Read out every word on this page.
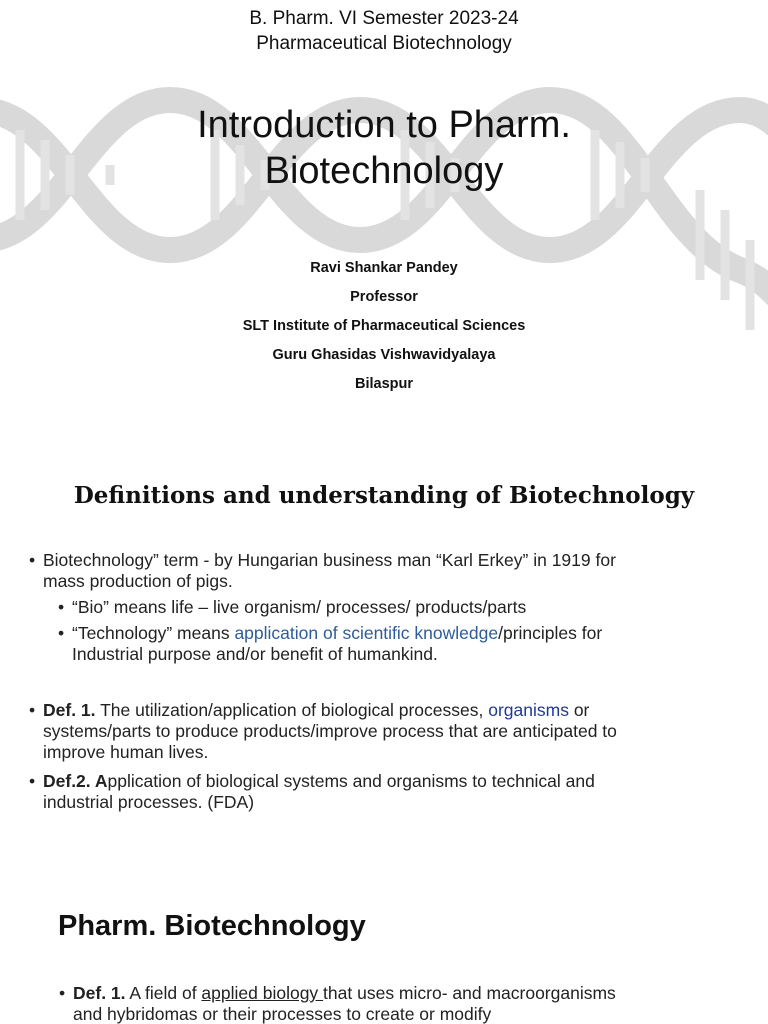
B. Pharm. VI Semester 2023-24
Pharmaceutical Biotechnology
Introduction to Pharm.
Biotechnology
Ravi Shankar Pandey
Professor
SLT Institute of Pharmaceutical Sciences
Guru Ghasidas Vishwavidyalaya
Bilaspur
Definitions and understanding of Biotechnology
• Biotechnology” term - by Hungarian business man “Karl Erkey” in 1919 for
mass production of pigs.
• “Bio” means life – live organism/ processes/ products/parts
• “Technology” means application of scientific knowledge/principles for
Industrial purpose and/or benefit of humankind.
• Def. 1. The utilization/application of biological processes, organisms or
systems/parts to produce products/improve process that are anticipated to
improve human lives.
• Def.2. Application of biological systems and organisms to technical and
industrial processes. (FDA)
Pharm. Biotechnology
• Def. 1. A field of applied biology that uses micro- and macroorganisms
and hybridomas or their processes to create or modify
